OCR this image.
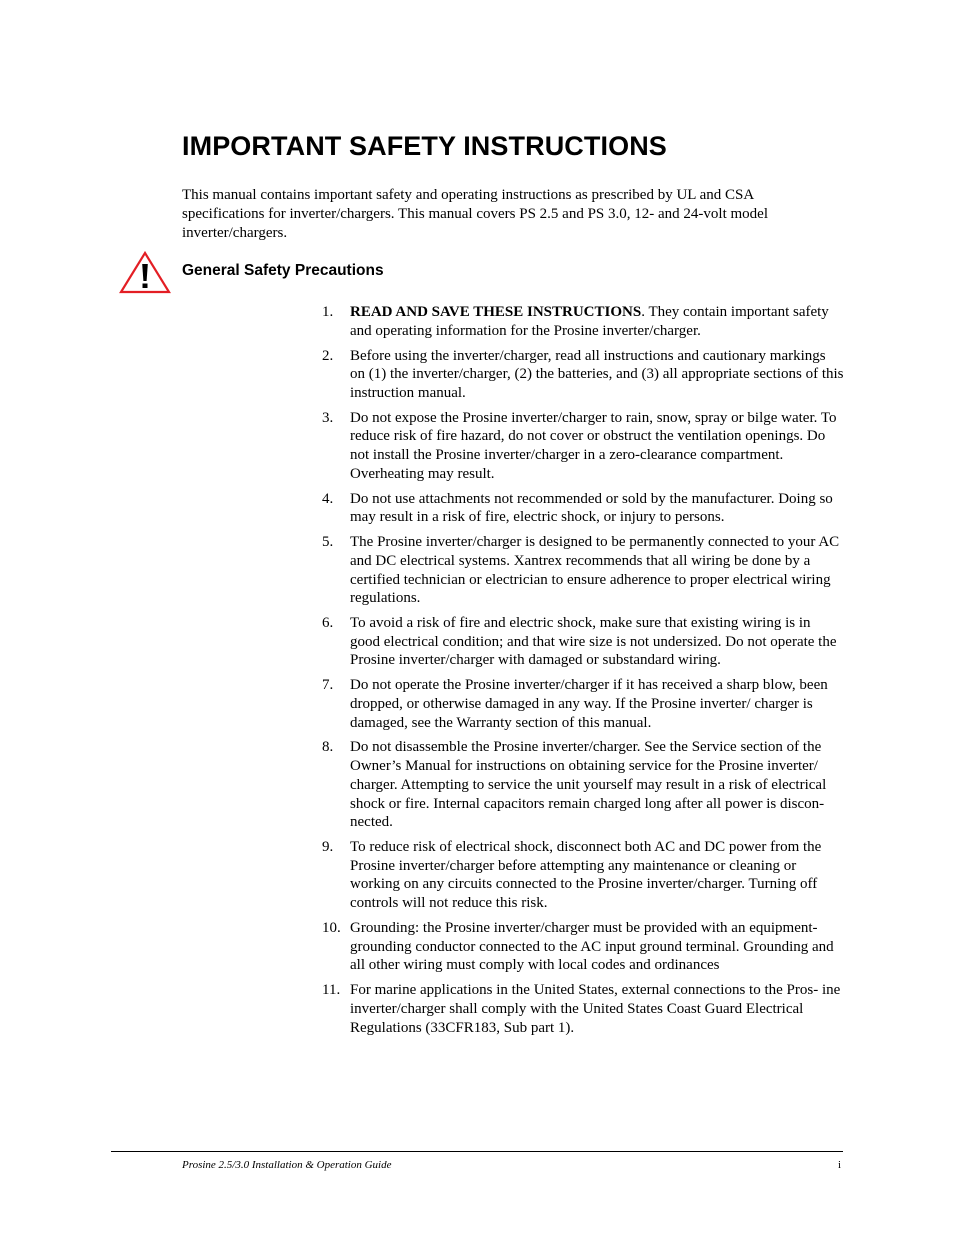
IMPORTANT SAFETY INSTRUCTIONS

This manual contains important safety and operating instructions as prescribed by UL and CSA specifications for inverter/chargers. This manual covers PS 2.5 and PS 3.0, 12- and 24-volt model inverter/chargers.

General Safety Precautions
1. READ AND SAVE THESE INSTRUCTIONS. They contain important safety and operating information for the Prosine inverter/charger.
2. Before using the inverter/charger, read all instructions and cautionary markings on (1) the inverter/charger, (2) the batteries, and (3) all appropriate sections of this instruction manual.
3. Do not expose the Prosine inverter/charger to rain, snow, spray or bilge water. To reduce risk of fire hazard, do not cover or obstruct the ventilation openings. Do not install the Prosine inverter/charger in a zero-clearance compartment. Overheating may result.
4. Do not use attachments not recommended or sold by the manufacturer. Doing so may result in a risk of fire, electric shock, or injury to persons.
5. The Prosine inverter/charger is designed to be permanently connected to your AC and DC electrical systems. Xantrex recommends that all wiring be done by a certified technician or electrician to ensure adherence to proper electrical wiring regulations.
6. To avoid a risk of fire and electric shock, make sure that existing wiring is in good electrical condition; and that wire size is not undersized. Do not operate the Prosine inverter/charger with damaged or substandard wiring.
7. Do not operate the Prosine inverter/charger if it has received a sharp blow, been dropped, or otherwise damaged in any way. If the Prosine inverter/ charger is damaged, see the Warranty section of this manual.
8. Do not disassemble the Prosine inverter/charger. See the Service section of the Owner’s Manual for instructions on obtaining service for the Prosine inverter/ charger. Attempting to service the unit yourself may result in a risk of electrical shock or fire. Internal capacitors remain charged long after all power is discon- nected.
9. To reduce risk of electrical shock, disconnect both AC and DC power from the Prosine inverter/charger before attempting any maintenance or cleaning or working on any circuits connected to the Prosine inverter/charger. Turning off controls will not reduce this risk.
10. Grounding: the Prosine inverter/charger must be provided with an equipment- grounding conductor connected to the AC input ground terminal. Grounding and all other wiring must comply with local codes and ordinances
11. For marine applications in the United States, external connections to the Pros- ine inverter/charger shall comply with the United States Coast Guard Electrical Regulations (33CFR183, Sub part 1).
Prosine 2.5/3.0 Installation & Operation Guide	i
